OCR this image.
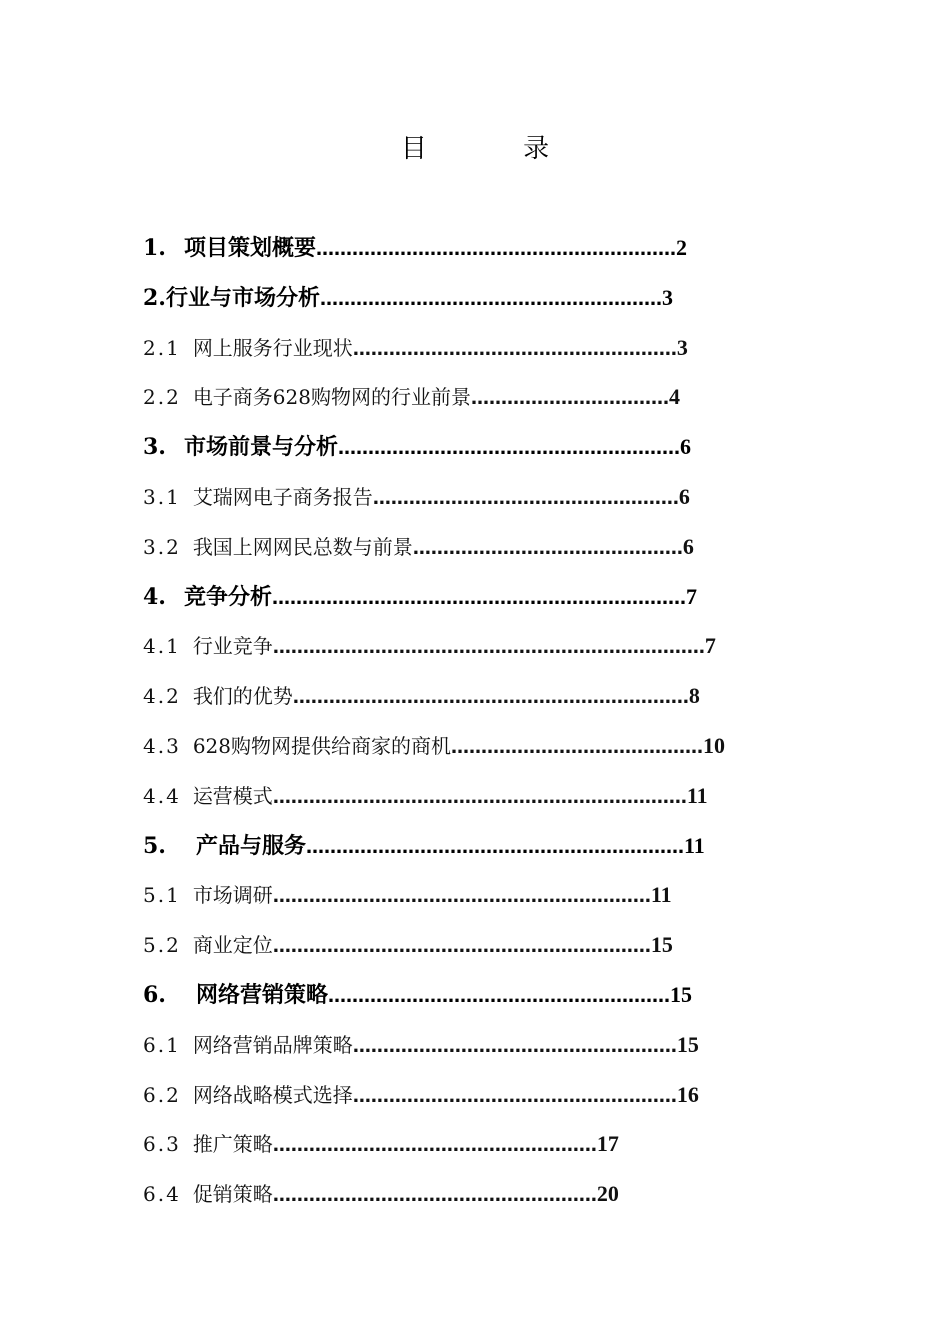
目 录
1. 项目策划概要……………………………………………………2
2.行业与市场分析…………………………………………………3
2.1 网上服务行业现状………………………………………………3
2.2 电子商务628购物网的行业前景……………………………4
3. 市场前景与分析…………………………………………………6
3.1 艾瑞网电子商务报告……………………………………………6
3.2 我国上网网民总数与前景………………………………………6
4. 竞争分析……………………………………………………………7
4.1 行业竞争………………………………………………………………7
4.2 我们的优势…………………………………………………………8
4.3 628购物网提供给商家的商机……………………………………10
4.4 运营模式……………………………………………………………11
5. 产品与服务………………………………………………………11
5.1 市场调研………………………………………………………11
5.2 商业定位………………………………………………………15
6. 网络营销策略…………………………………………………15
6.1 网络营销品牌策略………………………………………………15
6.2 网络战略模式选择………………………………………………16
6.3 推广策略………………………………………………17
6.4 促销策略………………………………………………20
